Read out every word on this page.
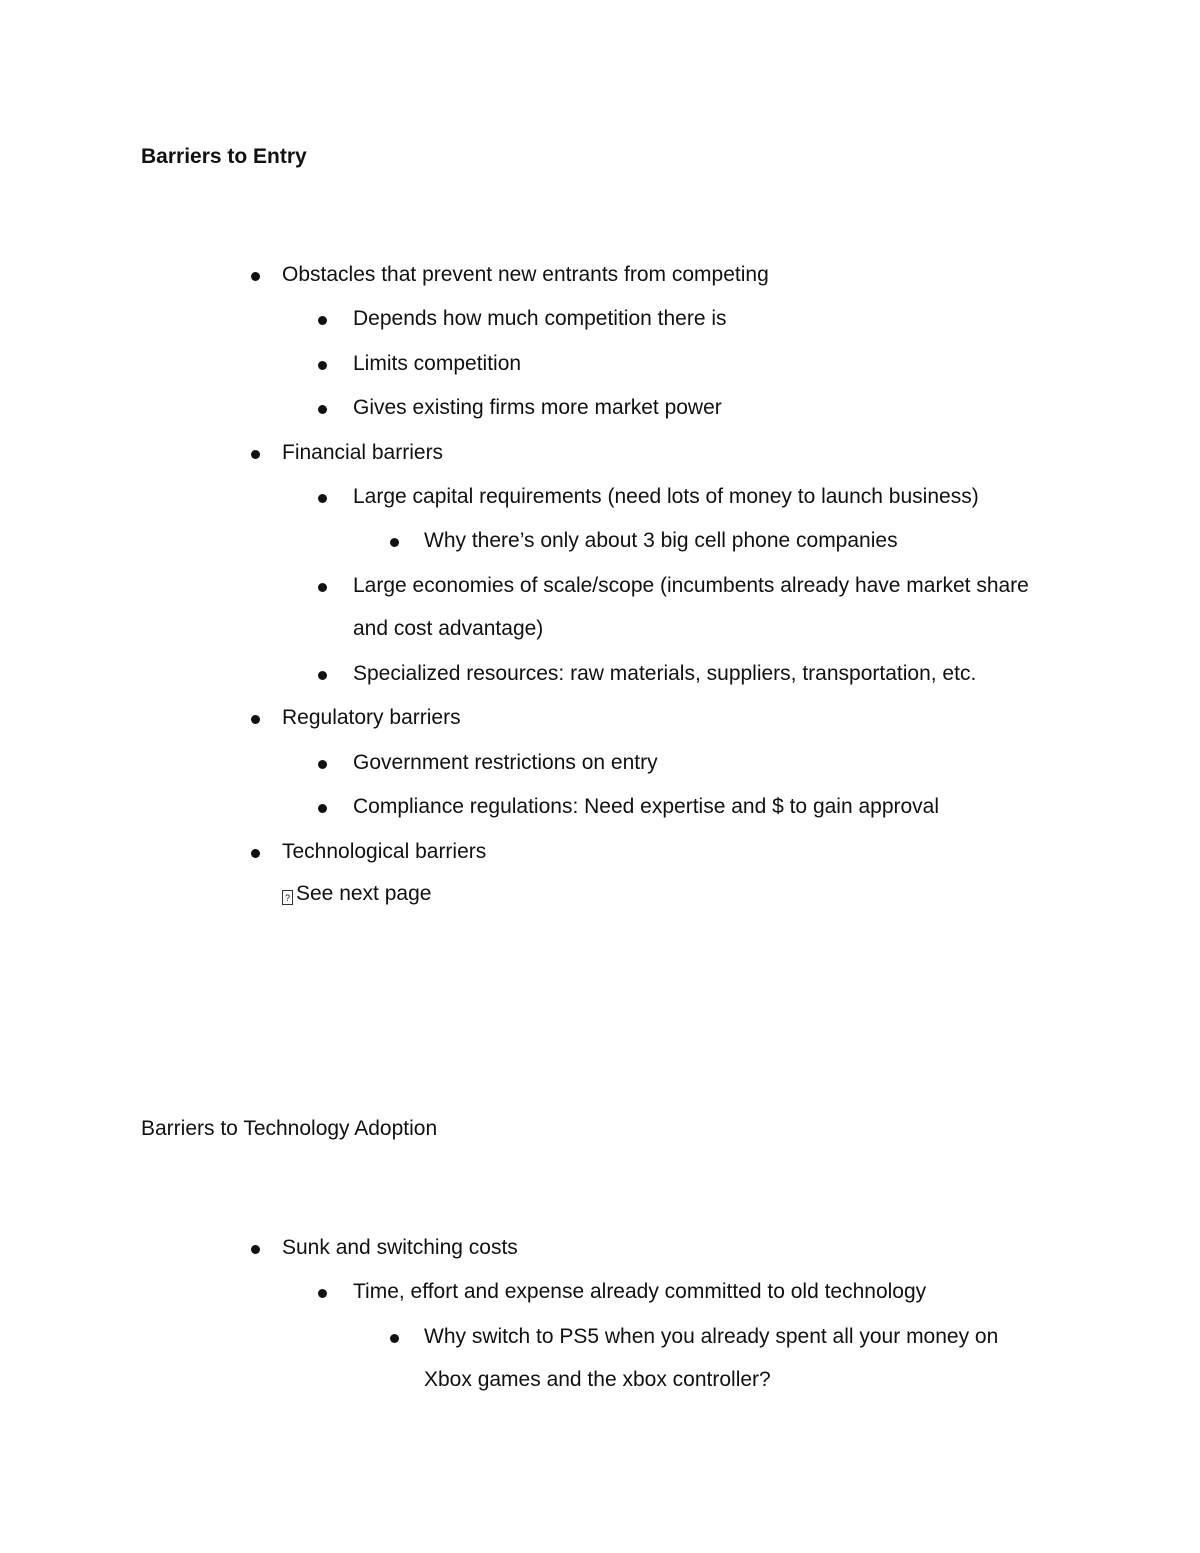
Barriers to Entry
Obstacles that prevent new entrants from competing
Depends how much competition there is
Limits competition
Gives existing firms more market power
Financial barriers
Large capital requirements (need lots of money to launch business)
Why there’s only about 3 big cell phone companies
Large economies of scale/scope (incumbents already have market share
and cost advantage)
Specialized resources: raw materials, suppliers, transportation, etc.
Regulatory barriers
Government restrictions on entry
Compliance regulations: Need expertise and $ to gain approval
Technological barriers
? See next page
Barriers to Technology Adoption
Sunk and switching costs
Time, effort and expense already committed to old technology
Why switch to PS5 when you already spent all your money on
Xbox games and the xbox controller?
